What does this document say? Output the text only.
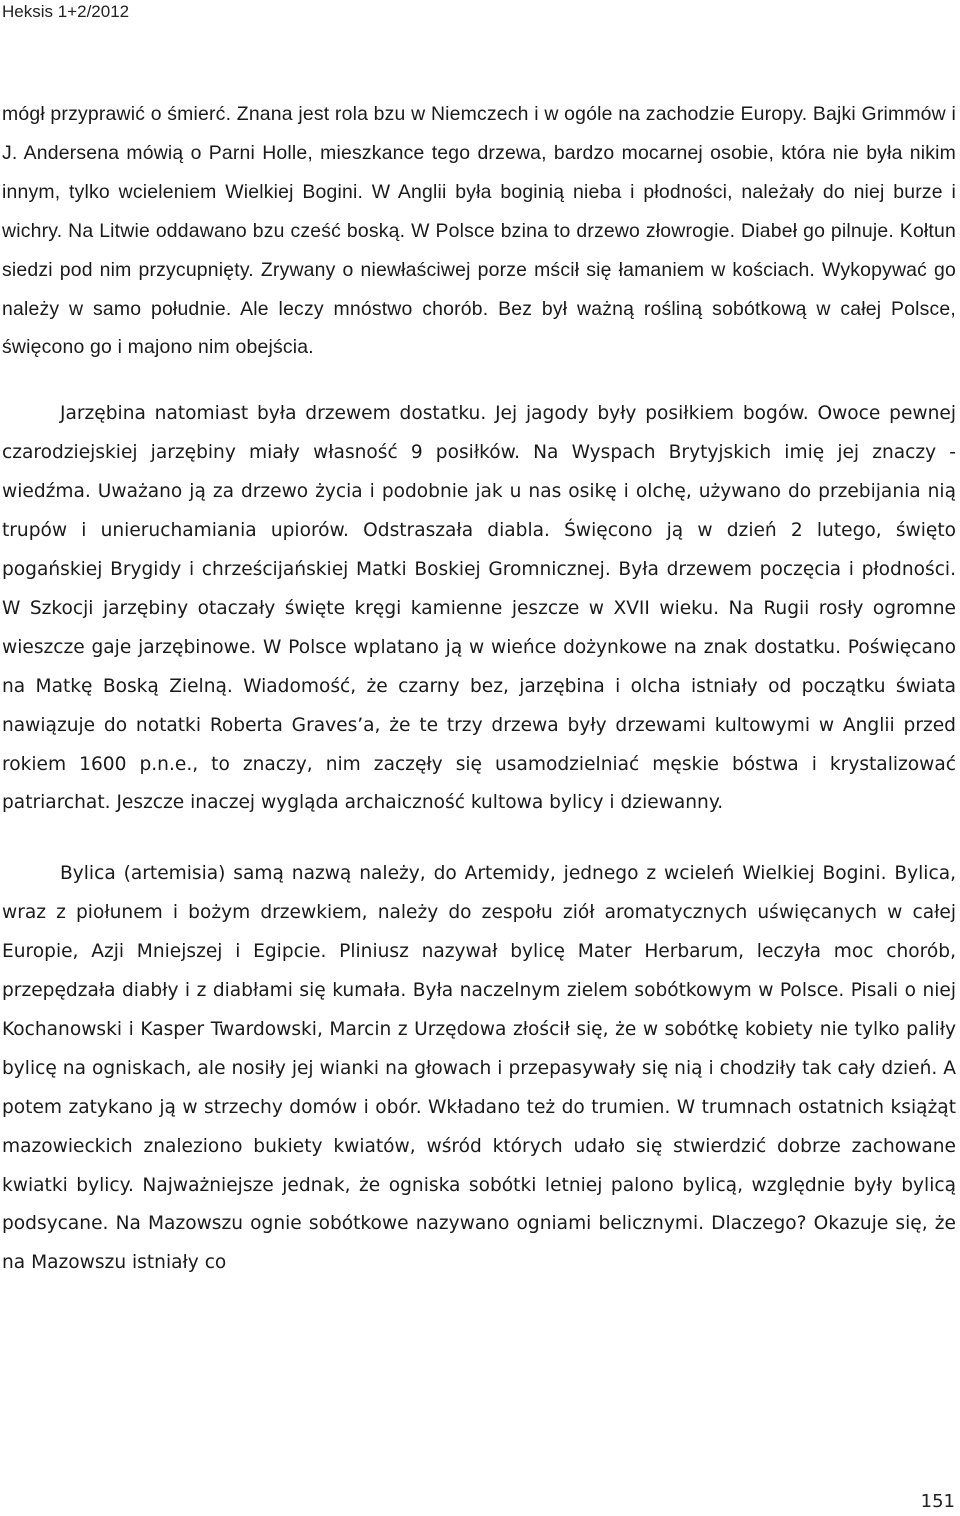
Heksis 1+2/2012

mógł przyprawić o śmierć. Znana jest rola bzu w Niemczech i w ogóle na zachodzie Europy. Bajki Grimmów i J. Andersena mówią o Parni Holle, mieszkance tego drzewa, bardzo mocarnej osobie, która nie była nikim innym, tylko wcieleniem Wielkiej Bogini. W Anglii była boginią nieba i płodności, należały do niej burze i wichry. Na Litwie oddawano bzu cześć boską. W Polsce bzina to drzewo złowrogie. Diabeł go pilnuje. Kołtun siedzi pod nim przycupnięty. Zrywany o niewłaściwej porze mścił się łamaniem w kościach. Wykopywać go należy w samo południe. Ale leczy mnóstwo chorób. Bez był ważną rośliną sobótkową w całej Polsce, święcono go i majono nim obejścia.

Jarzębina natomiast była drzewem dostatku. Jej jagody były posiłkiem bogów. Owoce pewnej czarodziejskiej jarzębiny miały własność 9 posiłków. Na Wyspach Brytyjskich imię jej znaczy - wiedźma. Uważano ją za drzewo życia i podobnie jak u nas osikę i olchę, używano do przebijania nią trupów i unieruchamiania upiorów. Odstraszała diabla. Święcono ją w dzień 2 lutego, święto pogańskiej Brygidy i chrześcijańskiej Matki Boskiej Gromnicznej. Była drzewem poczęcia i płodności. W Szkocji jarzębiny otaczały święte kręgi kamienne jeszcze w XVII wieku. Na Rugii rosły ogromne wieszcze gaje jarzębinowe. W Polsce wplatano ją w wieńce dożynkowe na znak dostatku. Poświęcano na Matkę Boską Zielną. Wiadomość, że czarny bez, jarzębina i olcha istniały od początku świata nawiązuje do notatki Roberta Graves’a, że te trzy drzewa były drzewami kultowymi w Anglii przed rokiem 1600 p.n.e., to znaczy, nim zaczęły się usamodzielniać męskie bóstwa i krystalizować patriarchat. Jeszcze inaczej wygląda archaiczność kultowa bylicy i dziewanny.

Bylica (artemisia) samą nazwą należy, do Artemidy, jednego z wcieleń Wielkiej Bogini. Bylica, wraz z piołunem i bożym drzewkiem, należy do zespołu ziół aromatycznych uświęcanych w całej Europie, Azji Mniejszej i Egipcie. Pliniusz nazywał bylicę Mater Herbarum, leczyła moc chorób, przepędzała diabły i z diabłami się kumała. Była naczelnym zielem sobótkowym w Polsce. Pisali o niej Kochanowski i Kasper Twardowski, Marcin z Urzędowa złościł się, że w sobótkę kobiety nie tylko paliły bylicę na ogniskach, ale nosiły jej wianki na głowach i przepasywały się nią i chodziły tak cały dzień. A potem zatykano ją w strzechy domów i obór. Wkładano też do trumien. W trumnach ostatnich książąt mazowieckich znaleziono bukiety kwiatów, wśród których udało się stwierdzić dobrze zachowane kwiatki bylicy. Najważniejsze jednak, że ogniska sobótki letniej palono bylicą, względnie były bylicą podsycane. Na Mazowszu ognie sobótkowe nazywano ogniami belicznymi. Dlaczego? Okazuje się, że na Mazowszu istniały co

151
